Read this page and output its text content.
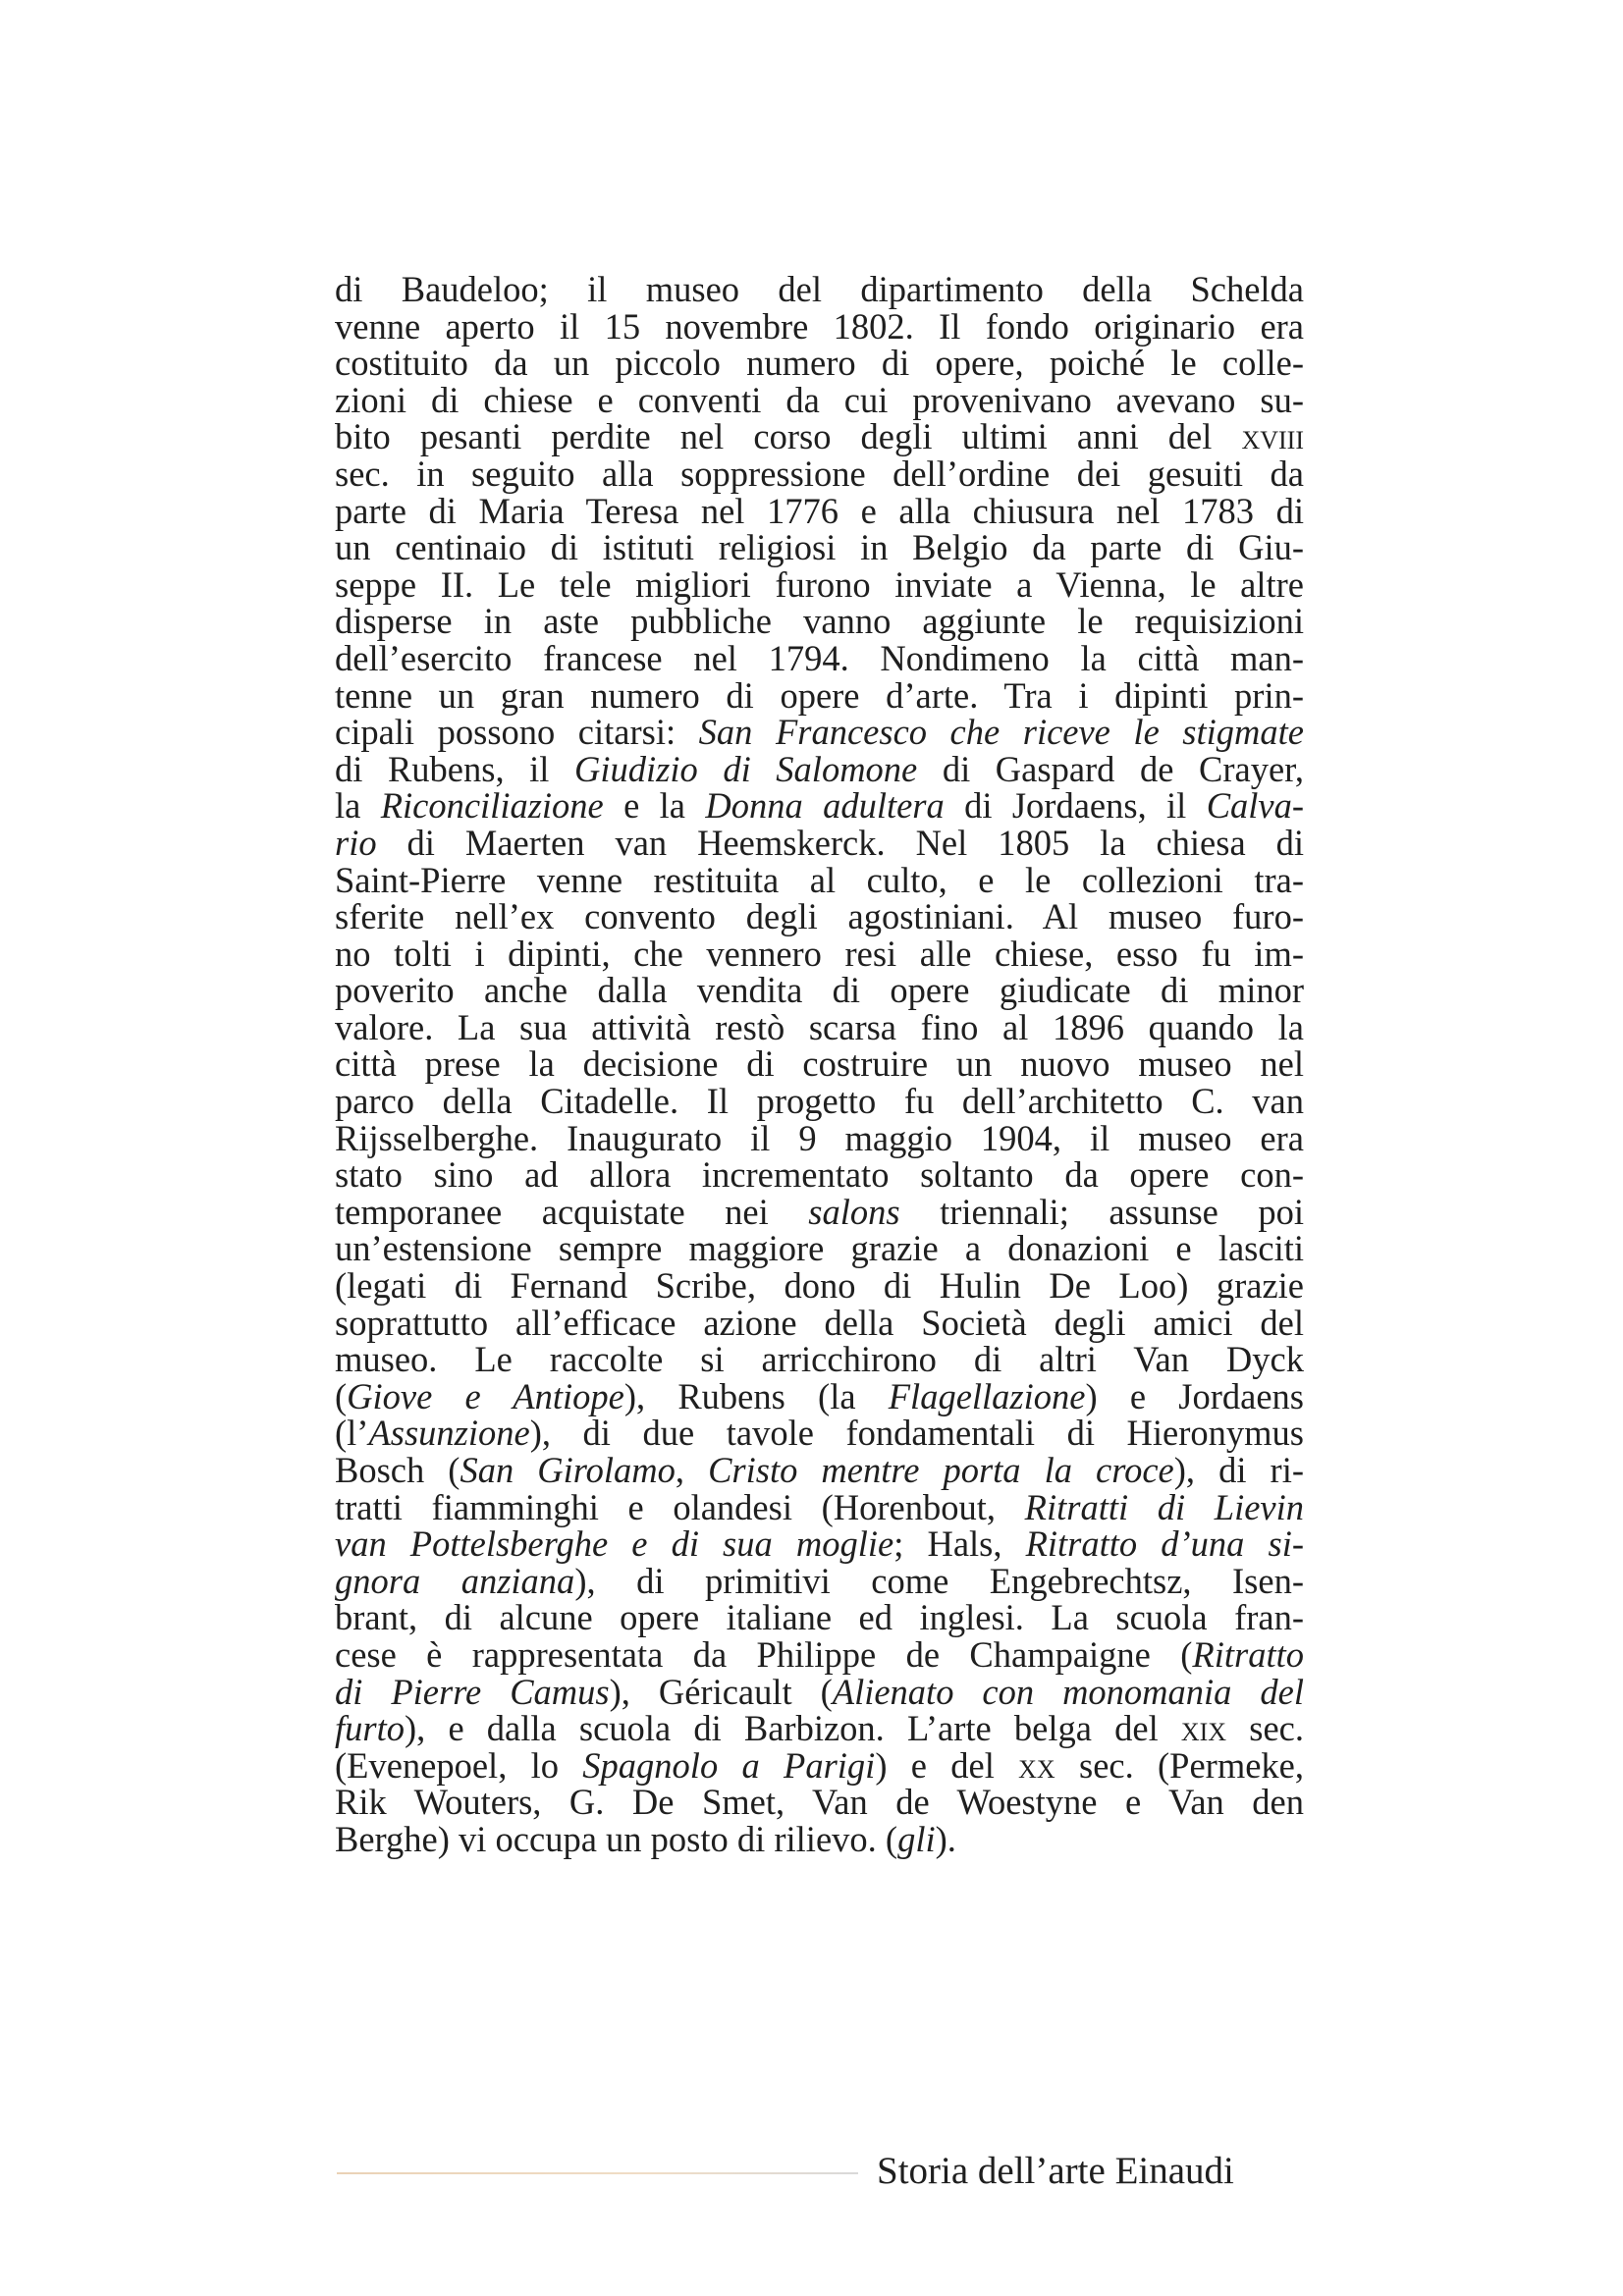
di Baudeloo; il museo del dipartimento della Schelda
venne aperto il 15 novembre 1802. Il fondo originario era
costituito da un piccolo numero di opere, poiché le colle-
zioni di chiese e conventi da cui provenivano avevano su-
bito pesanti perdite nel corso degli ultimi anni del xviii
sec. in seguito alla soppressione dell’ordine dei gesuiti da
parte di Maria Teresa nel 1776 e alla chiusura nel 1783 di
un centinaio di istituti religiosi in Belgio da parte di Giu-
seppe II. Le tele migliori furono inviate a Vienna, le altre
disperse in aste pubbliche vanno aggiunte le requisizioni
dell’esercito francese nel 1794. Nondimeno la città man-
tenne un gran numero di opere d’arte. Tra i dipinti prin-
cipali possono citarsi: San Francesco che riceve le stigmate
di Rubens, il Giudizio di Salomone di Gaspard de Crayer,
la Riconciliazione e la Donna adultera di Jordaens, il Calva-
rio di Maerten van Heemskerck. Nel 1805 la chiesa di
Saint-Pierre venne restituita al culto, e le collezioni tra-
sferite nell’ex convento degli agostiniani. Al museo furo-
no tolti i dipinti, che vennero resi alle chiese, esso fu im-
poverito anche dalla vendita di opere giudicate di minor
valore. La sua attività restò scarsa fino al 1896 quando la
città prese la decisione di costruire un nuovo museo nel
parco della Citadelle. Il progetto fu dell’architetto C. van
Rijsselberghe. Inaugurato il 9 maggio 1904, il museo era
stato sino ad allora incrementato soltanto da opere con-
temporanee acquistate nei salons triennali; assunse poi
un’estensione sempre maggiore grazie a donazioni e lasciti
(legati di Fernand Scribe, dono di Hulin De Loo) grazie
soprattutto all’efficace azione della Società degli amici del
museo. Le raccolte si arricchirono di altri Van Dyck
(Giove e Antiope), Rubens (la Flagellazione) e Jordaens
(l’Assunzione), di due tavole fondamentali di Hieronymus
Bosch (San Girolamo, Cristo mentre porta la croce), di ri-
tratti fiamminghi e olandesi (Horenbout, Ritratti di Lievin
van Pottelsberghe e di sua moglie; Hals, Ritratto d’una si-
gnora anziana), di primitivi come Engebrechtsz, Isen-
brant, di alcune opere italiane ed inglesi. La scuola fran-
cese è rappresentata da Philippe de Champaigne (Ritratto
di Pierre Camus), Géricault (Alienato con monomania del
furto), e dalla scuola di Barbizon. L’arte belga del xix sec.
(Evenepoel, lo Spagnolo a Parigi) e del xx sec. (Permeke,
Rik Wouters, G. De Smet, Van de Woestyne e Van den
Berghe) vi occupa un posto di rilievo. (gli).
Storia dell’arte Einaudi
